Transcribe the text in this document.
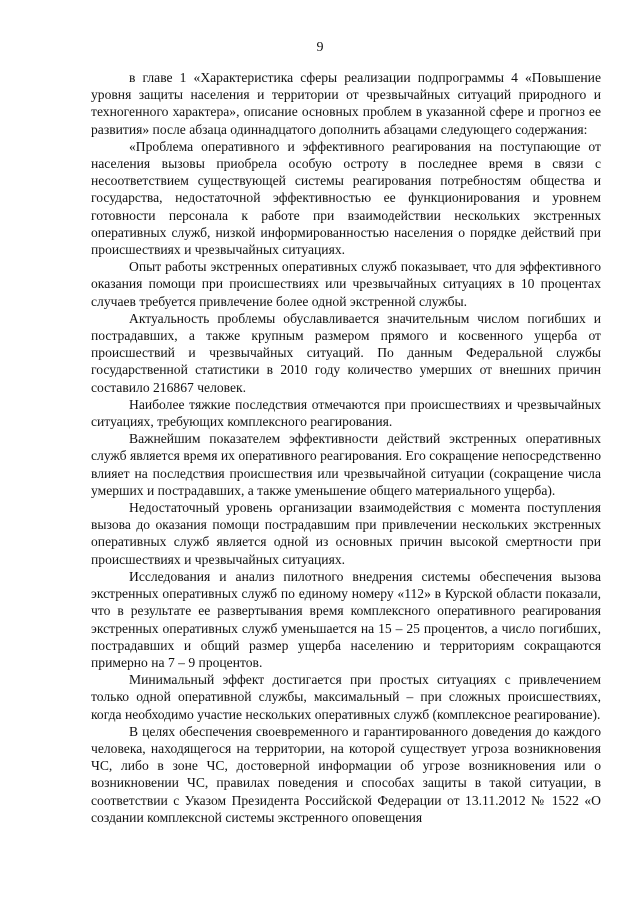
9

в главе 1 «Характеристика сферы реализации подпрограммы 4 «Повышение уровня защиты населения и территории от чрезвычайных ситуаций природного и техногенного характера», описание основных проблем в указанной сфере и прогноз ее развития» после абзаца одиннадцатого дополнить абзацами следующего содержания:

«Проблема оперативного и эффективного реагирования на поступающие от населения вызовы приобрела особую остроту в последнее время в связи с несоответствием существующей системы реагирования потребностям общества и государства, недостаточной эффективностью ее функционирования и уровнем готовности персонала к работе при взаимодействии нескольких экстренных оперативных служб, низкой информированностью населения о порядке действий при происшествиях и чрезвычайных ситуациях.

Опыт работы экстренных оперативных служб показывает, что для эффективного оказания помощи при происшествиях или чрезвычайных ситуациях в 10 процентах случаев требуется привлечение более одной экстренной службы.

Актуальность проблемы обуславливается значительным числом погибших и пострадавших, а также крупным размером прямого и косвенного ущерба от происшествий и чрезвычайных ситуаций. По данным Федеральной службы государственной статистики в 2010 году количество умерших от внешних причин составило 216867 человек.

Наиболее тяжкие последствия отмечаются при происшествиях и чрезвычайных ситуациях, требующих комплексного реагирования.

Важнейшим показателем эффективности действий экстренных оперативных служб является время их оперативного реагирования. Его сокращение непосредственно влияет на последствия происшествия или чрезвычайной ситуации (сокращение числа умерших и пострадавших, а также уменьшение общего материального ущерба).

Недостаточный уровень организации взаимодействия с момента поступления вызова до оказания помощи пострадавшим при привлечении нескольких экстренных оперативных служб является одной из основных причин высокой смертности при происшествиях и чрезвычайных ситуациях.

Исследования и анализ пилотного внедрения системы обеспечения вызова экстренных оперативных служб по единому номеру «112» в Курской области показали, что в результате ее развертывания время комплексного оперативного реагирования экстренных оперативных служб уменьшается на 15 – 25 процентов, а число погибших, пострадавших и общий размер ущерба населению и территориям сокращаются примерно на 7 – 9 процентов.

Минимальный эффект достигается при простых ситуациях с привлечением только одной оперативной службы, максимальный – при сложных происшествиях, когда необходимо участие нескольких оперативных служб (комплексное реагирование).

В целях обеспечения своевременного и гарантированного доведения до каждого человека, находящегося на территории, на которой существует угроза возникновения ЧС, либо в зоне ЧС, достоверной информации об угрозе возникновения или о возникновении ЧС, правилах поведения и способах защиты в такой ситуации, в соответствии с Указом Президента Российской Федерации от 13.11.2012 № 1522 «О создании комплексной системы экстренного оповещения
